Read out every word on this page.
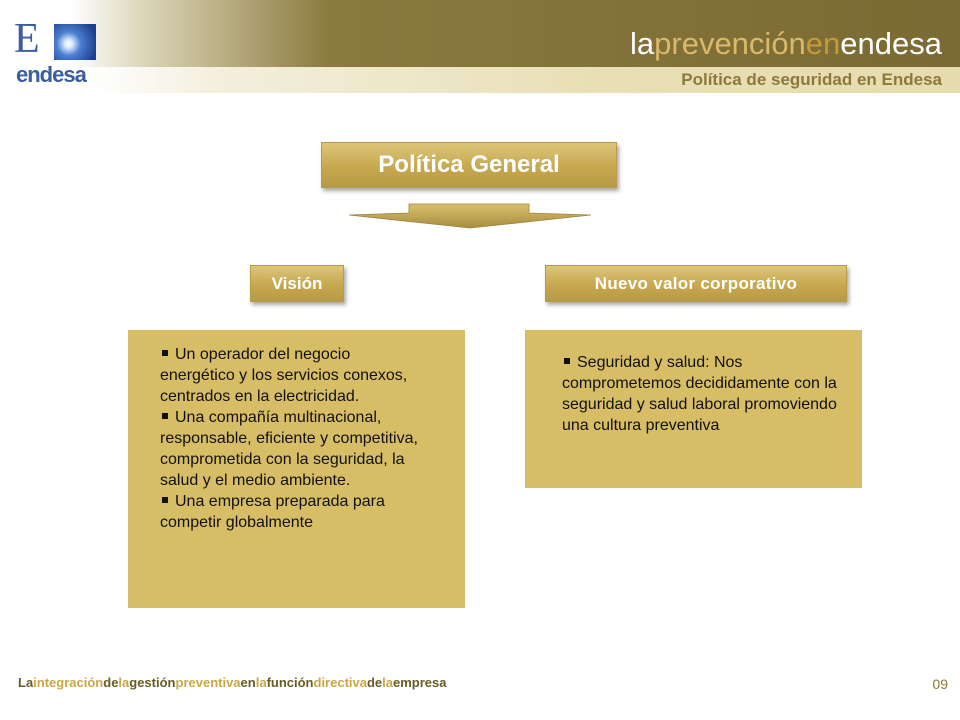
E
endesa
laprevenciónenendesa
Política de seguridad en Endesa
Política General
Visión	Nuevo valor corporativo
Un operador del negocio energético y los servicios conexos, centrados en la electricidad.
Una compañía multinacional, responsable, eficiente y competitiva, comprometida con la seguridad, la salud y el medio ambiente.
Una empresa preparada para competir globalmente
Seguridad y salud: Nos comprometemos decididamente con la seguridad y salud laboral promoviendo una cultura preventiva
Laintegracióndelagestiónpreventivaenlafuncióndirectivadelaempresa	09
